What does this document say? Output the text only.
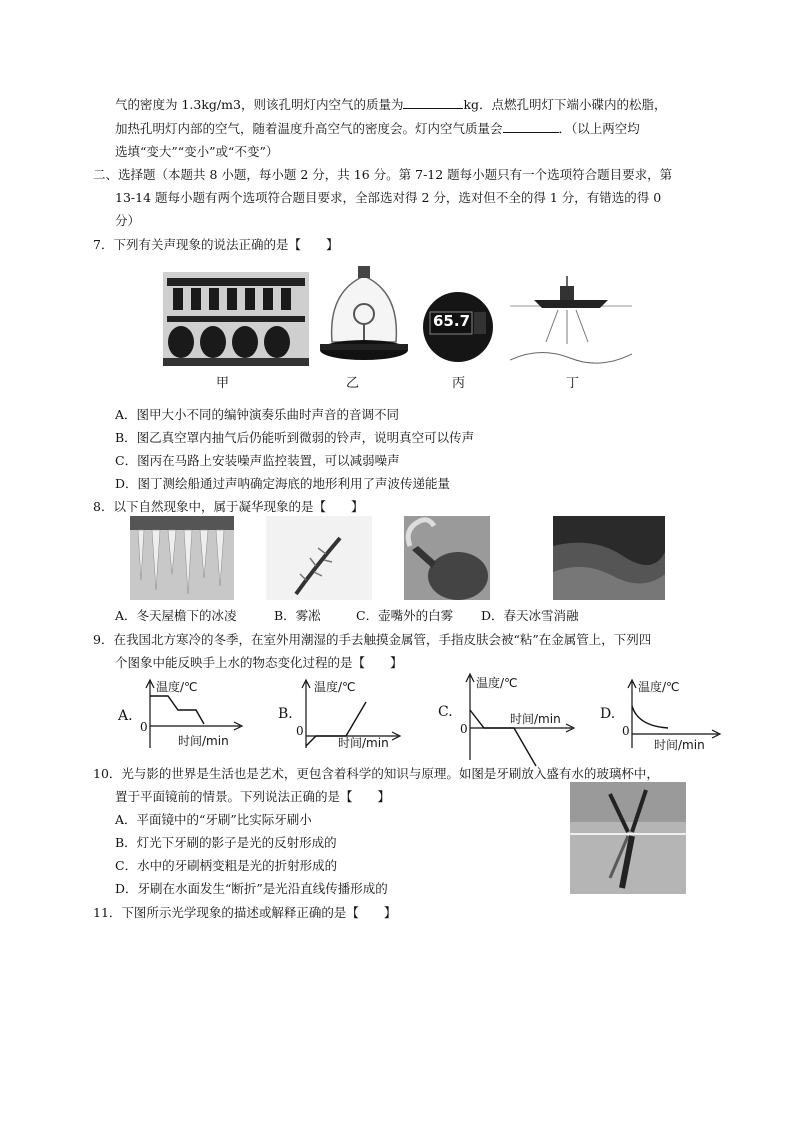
气的密度为 1.3kg/m3，则该孔明灯内空气的质量为	kg．点燃孔明灯下端小碟内的松脂，
加热孔明灯内部的空气，随着温度升高空气的密度会。灯内空气质量会	．（以上两空均
选填“变大”“变小”或“不变”）
二、选择题（本题共 8 小题，每小题 2 分，共 16 分。第 7-12 题每小题只有一个选项符合题目要求，第
13-14 题每小题有两个选项符合题目要求，全部选对得 2 分，选对但不全的得 1 分，有错选的得 0
分）
7．下列有关声现象的说法正确的是【　　】
65.7
甲	乙	丙	丁
A．图甲大小不同的编钟演奏乐曲时声音的音调不同
B．图乙真空罩内抽气后仍能听到微弱的铃声，说明真空可以传声
C．图丙在马路上安装噪声监控装置，可以减弱噪声
D．图丁测绘船通过声呐确定海底的地形利用了声波传递能量
8．以下自然现象中，属于凝华现象的是【　　】
A．冬天屋檐下的冰凌	B．雾凇	C．壶嘴外的白雾 D．春天冰雪消融
9．在我国北方寒冷的冬季，在室外用潮湿的手去触摸金属管，手指皮肤会被“粘”在金属管上，下列四
个图象中能反映手上水的物态变化过程的是【　　】
A.
温度/℃
0
时间/min
B.
温度/℃
0
时间/min
C.
温度/℃
0
时间/min	D.
温度/℃
0
时间/min
10．光与影的世界是生活也是艺术，更包含着科学的知识与原理。如图是牙刷放入盛有水的玻璃杯中，
置于平面镜前的情景。下列说法正确的是【　　】
A．平面镜中的“牙刷”比实际牙刷小
B．灯光下牙刷的影子是光的反射形成的
C．水中的牙刷柄变粗是光的折射形成的
D．牙刷在水面发生“断折”是光沿直线传播形成的
11．下图所示光学现象的描述或解释正确的是【　　】
